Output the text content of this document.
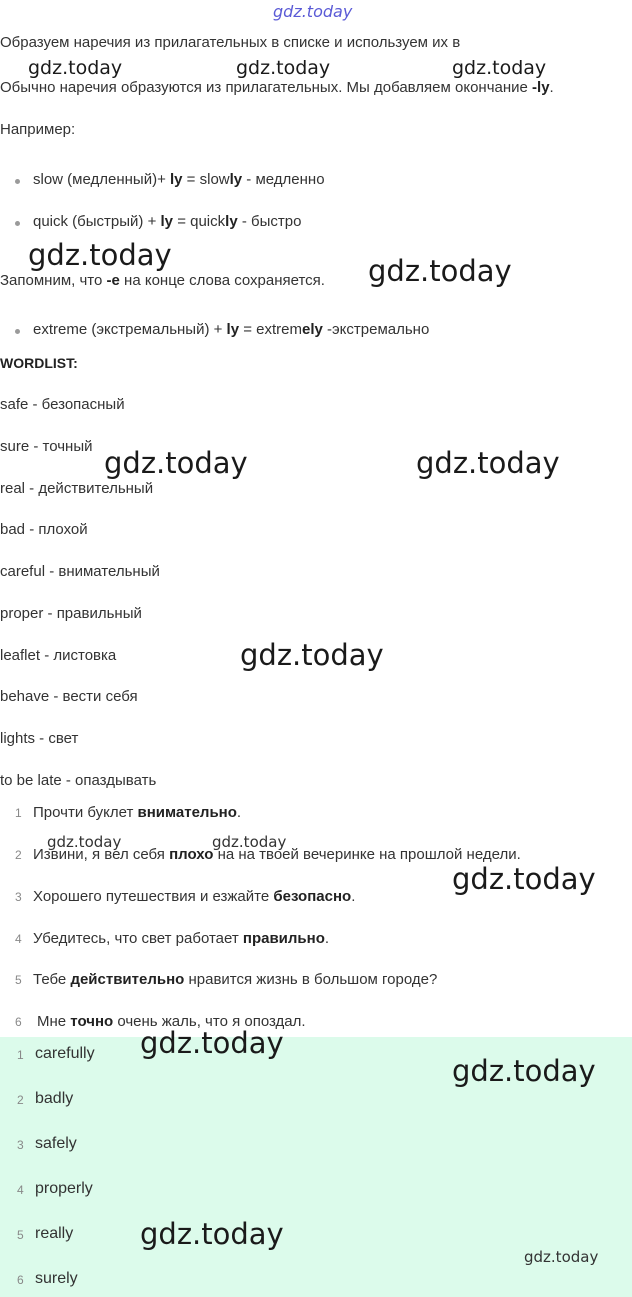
gdz.today
Образуем наречия из прилагательных в списке и используем их в
gdz.today	gdz.today	gdz.today
Обычно наречия образуются из прилагательных. Мы добавляем окончание -ly.
Например:
slow (медленный)+ ly = slowly - медленно
quick (быстрый) + ly = quickly - быстро
gdz.today
Запомним, что -e на конце слова сохраняется. gdz.today
extreme (экстремальный) + ly = extremely -экстремально
WORDLIST:
safe - безопасный
sure - точный gdz.today	gdz.today
real - действительный
bad - плохой
careful - внимательный
proper - правильный
leaflet - листовка	gdz.today
behave - вести себя
lights - свет
to be late - опаздывать
1 Прочти буклет внимательно.
gdz.today	gdz.today
2 Извини, я вел себя плохо на на твоей вечеринке на прошлой недели.
gdz.today
3 Хорошего путешествия и езжайте безопасно.
4 Убедитесь, что свет работает правильно.
5 Тебе действительно нравится жизнь в большом городе?
6 Мне точно очень жаль, что я опоздал.
1 carefully gdz.today
gdz.today
2 badly
3 safely
4 properly
5 really gdz.today
gdz.today
6 surely
